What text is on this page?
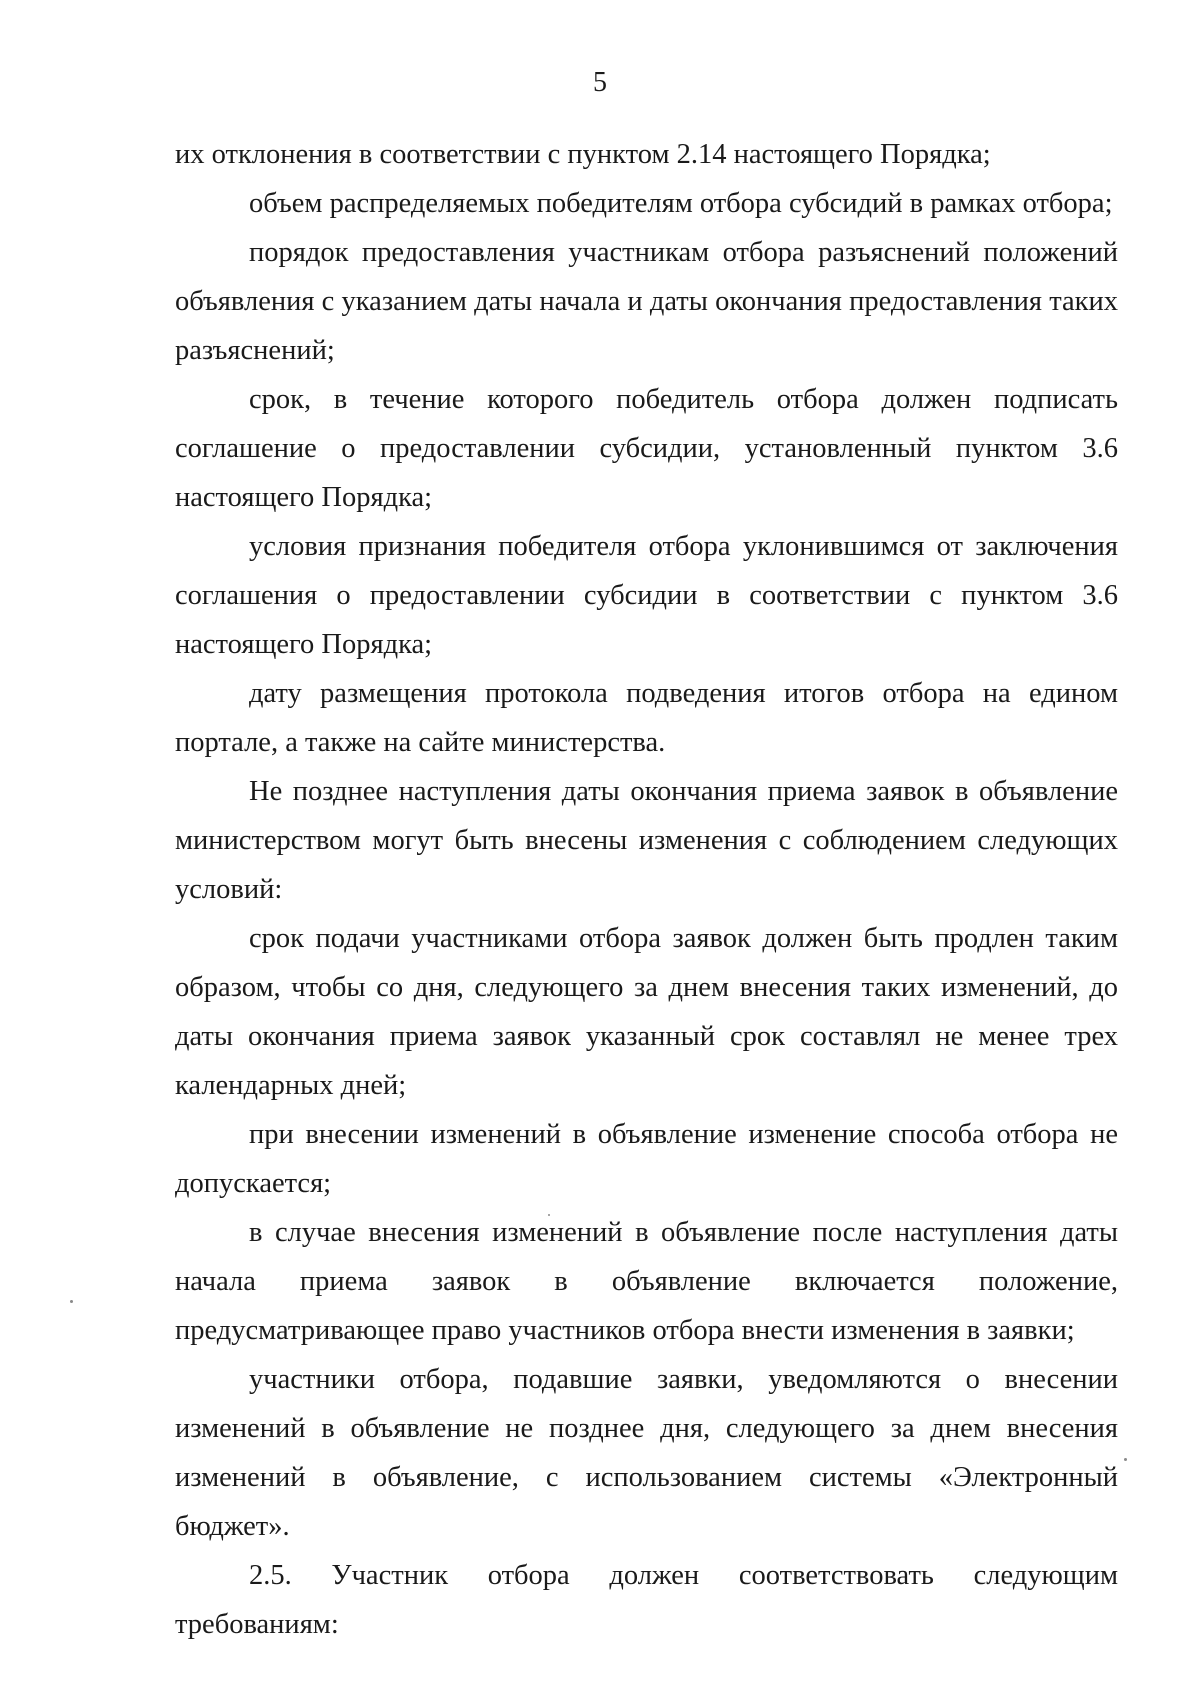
5

их отклонения в соответствии с пунктом 2.14 настоящего Порядка;

объем распределяемых победителям отбора субсидий в рамках отбора;

порядок предоставления участникам отбора разъяснений положений объявления с указанием даты начала и даты окончания предоставления таких разъяснений;

срок, в течение которого победитель отбора должен подписать соглашение о предоставлении субсидии, установленный пунктом 3.6 настоящего Порядка;

условия признания победителя отбора уклонившимся от заключения соглашения о предоставлении субсидии в соответствии с пунктом 3.6 настоящего Порядка;

дату размещения протокола подведения итогов отбора на едином портале, а также на сайте министерства.

Не позднее наступления даты окончания приема заявок в объявление министерством могут быть внесены изменения с соблюдением следующих условий:

срок подачи участниками отбора заявок должен быть продлен таким образом, чтобы со дня, следующего за днем внесения таких изменений, до даты окончания приема заявок указанный срок составлял не менее трех календарных дней;

при внесении изменений в объявление изменение способа отбора не допускается;

в случае внесения изменений в объявление после наступления даты начала приема заявок в объявление включается положение, предусматривающее право участников отбора внести изменения в заявки;

участники отбора, подавшие заявки, уведомляются о внесении изменений в объявление не позднее дня, следующего за днем внесения изменений в объявление, с использованием системы «Электронный бюджет».

2.5. Участник отбора должен соответствовать следующим требованиям:
